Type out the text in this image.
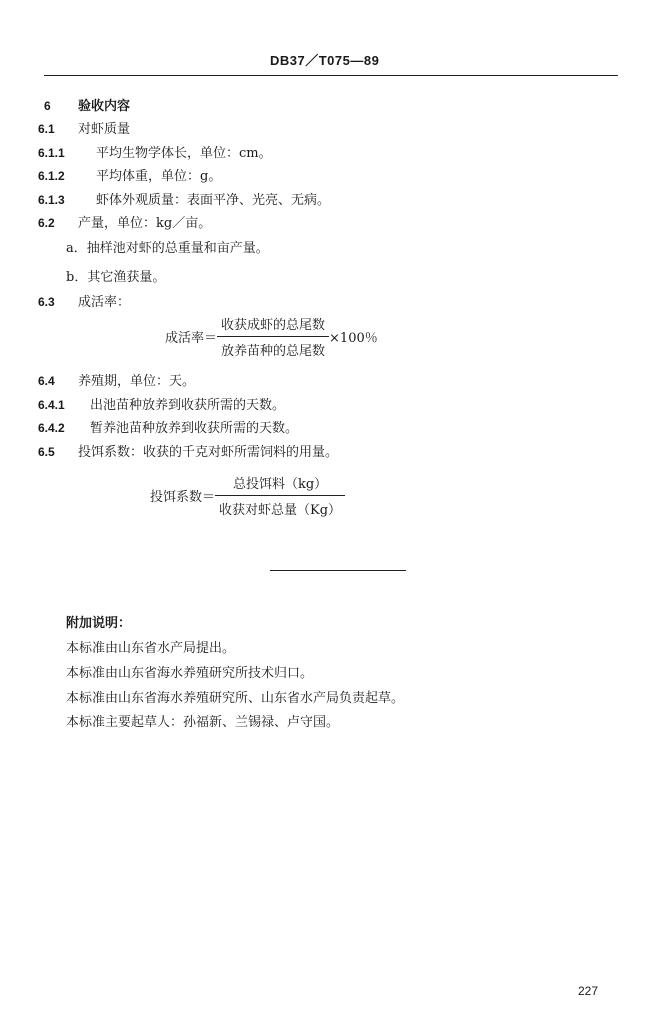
DB37／T075—89
6 验收内容
6.1 对虾质量
6.1.1 平均生物学体长，单位：cm。
6.1.2 平均体重，单位：g。
6.1.3 虾体外观质量：表面平净、光亮、无病。
6.2 产量，单位：kg／亩。
a．抽样池对虾的总重量和亩产量。
b．其它渔获量。
6.3 成活率：
成活率＝ $\frac{\text{收获成虾的总尾数}}{\text{放养苗种的总尾数}} \times 100$％
6.4 养殖期，单位：天。
6.4.1 出池苗种放养到收获所需的天数。
6.4.2 暂养池苗种放养到收获所需的天数。
6.5 投饵系数：收获的千克对虾所需饲料的用量。
投饵系数＝ $\frac{\text{总投饵料（kg）}}{\text{收获对虾总量（Kg）}}$
附加说明：
本标准由山东省水产局提出。
本标准由山东省海水养殖研究所技术归口。
本标准由山东省海水养殖研究所、山东省水产局负责起草。
本标准主要起草人：孙福新、兰锡禄、卢守国。
227
